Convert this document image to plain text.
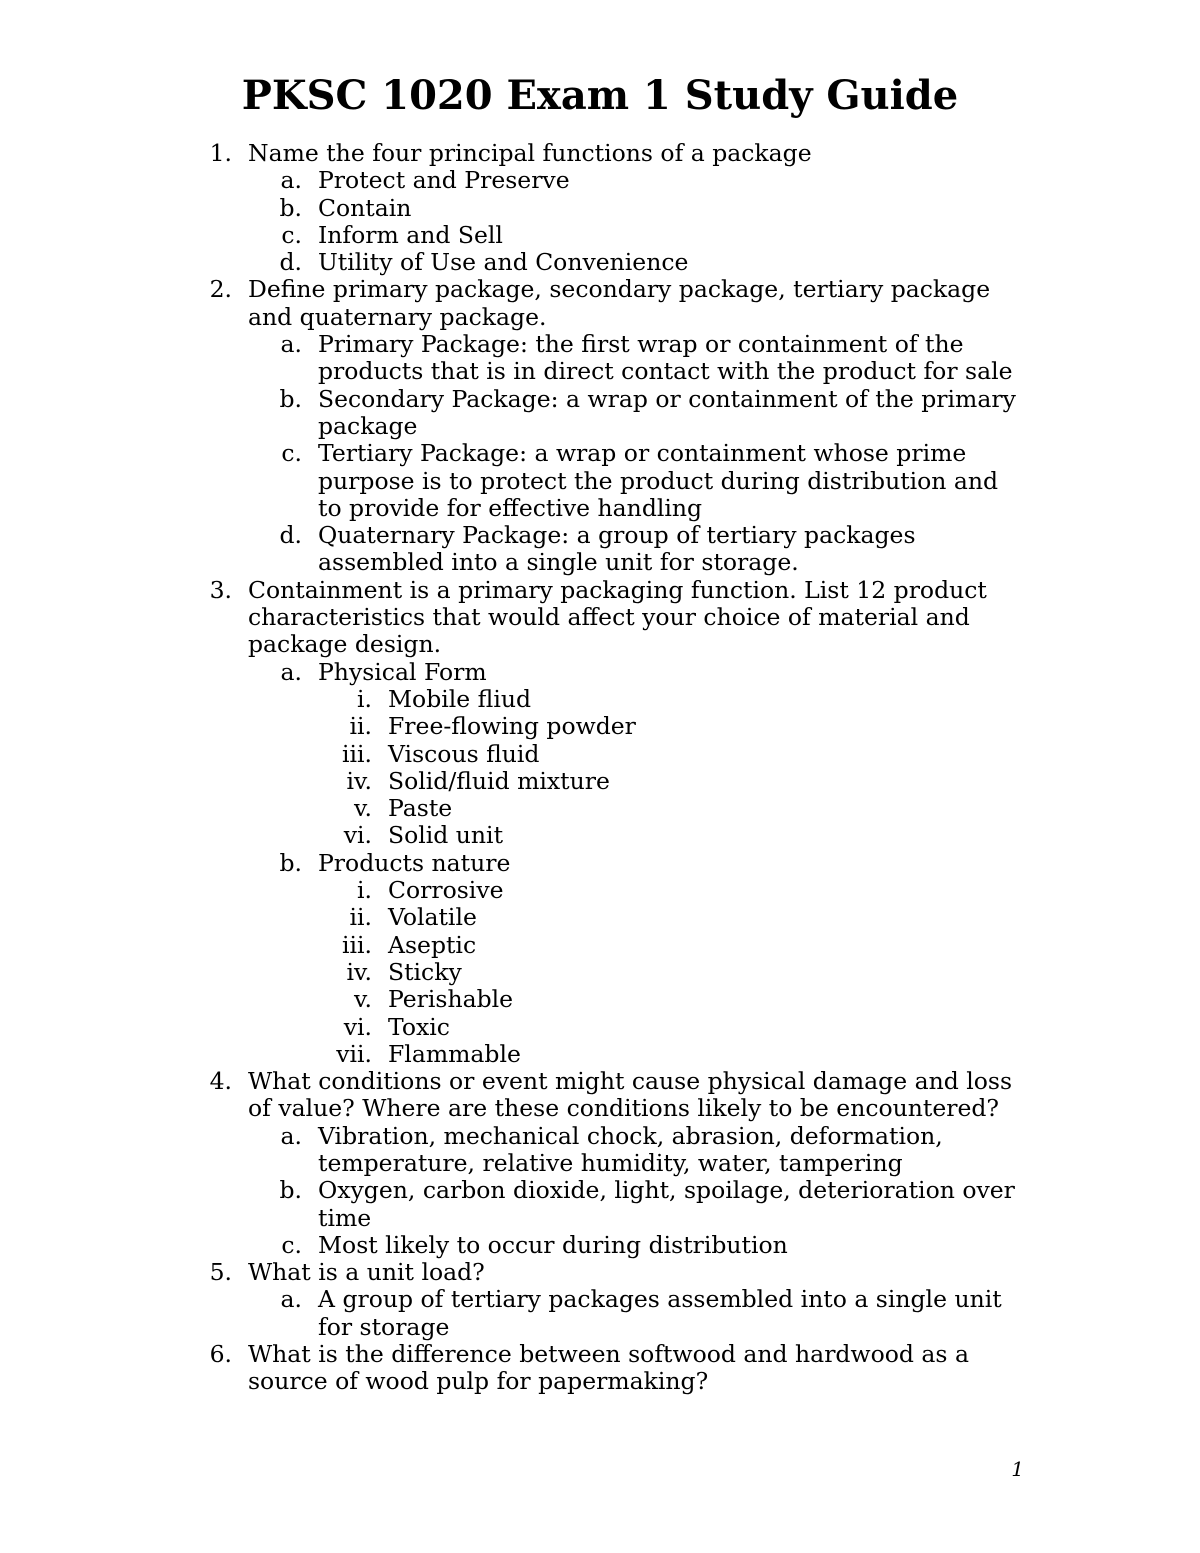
PKSC 1020 Exam 1 Study Guide
1. Name the four principal functions of a package
a. Protect and Preserve
b. Contain
c. Inform and Sell
d. Utility of Use and Convenience
2. Define primary package, secondary package, tertiary package
and quaternary package.
a. Primary Package: the first wrap or containment of the
products that is in direct contact with the product for sale
b. Secondary Package: a wrap or containment of the primary
package
c. Tertiary Package: a wrap or containment whose prime
purpose is to protect the product during distribution and
to provide for effective handling
d. Quaternary Package: a group of tertiary packages
assembled into a single unit for storage.
3. Containment is a primary packaging function. List 12 product
characteristics that would affect your choice of material and
package design.
a. Physical Form
i. Mobile fliud
ii. Free-flowing powder
iii. Viscous fluid
iv. Solid/fluid mixture
v. Paste
vi. Solid unit
b. Products nature
i. Corrosive
ii. Volatile
iii. Aseptic
iv. Sticky
v. Perishable
vi. Toxic
vii. Flammable
4. What conditions or event might cause physical damage and loss
of value? Where are these conditions likely to be encountered?
a. Vibration, mechanical chock, abrasion, deformation,
temperature, relative humidity, water, tampering
b. Oxygen, carbon dioxide, light, spoilage, deterioration over
time
c. Most likely to occur during distribution
5. What is a unit load?
a. A group of tertiary packages assembled into a single unit
for storage
6. What is the difference between softwood and hardwood as a
source of wood pulp for papermaking?
1
